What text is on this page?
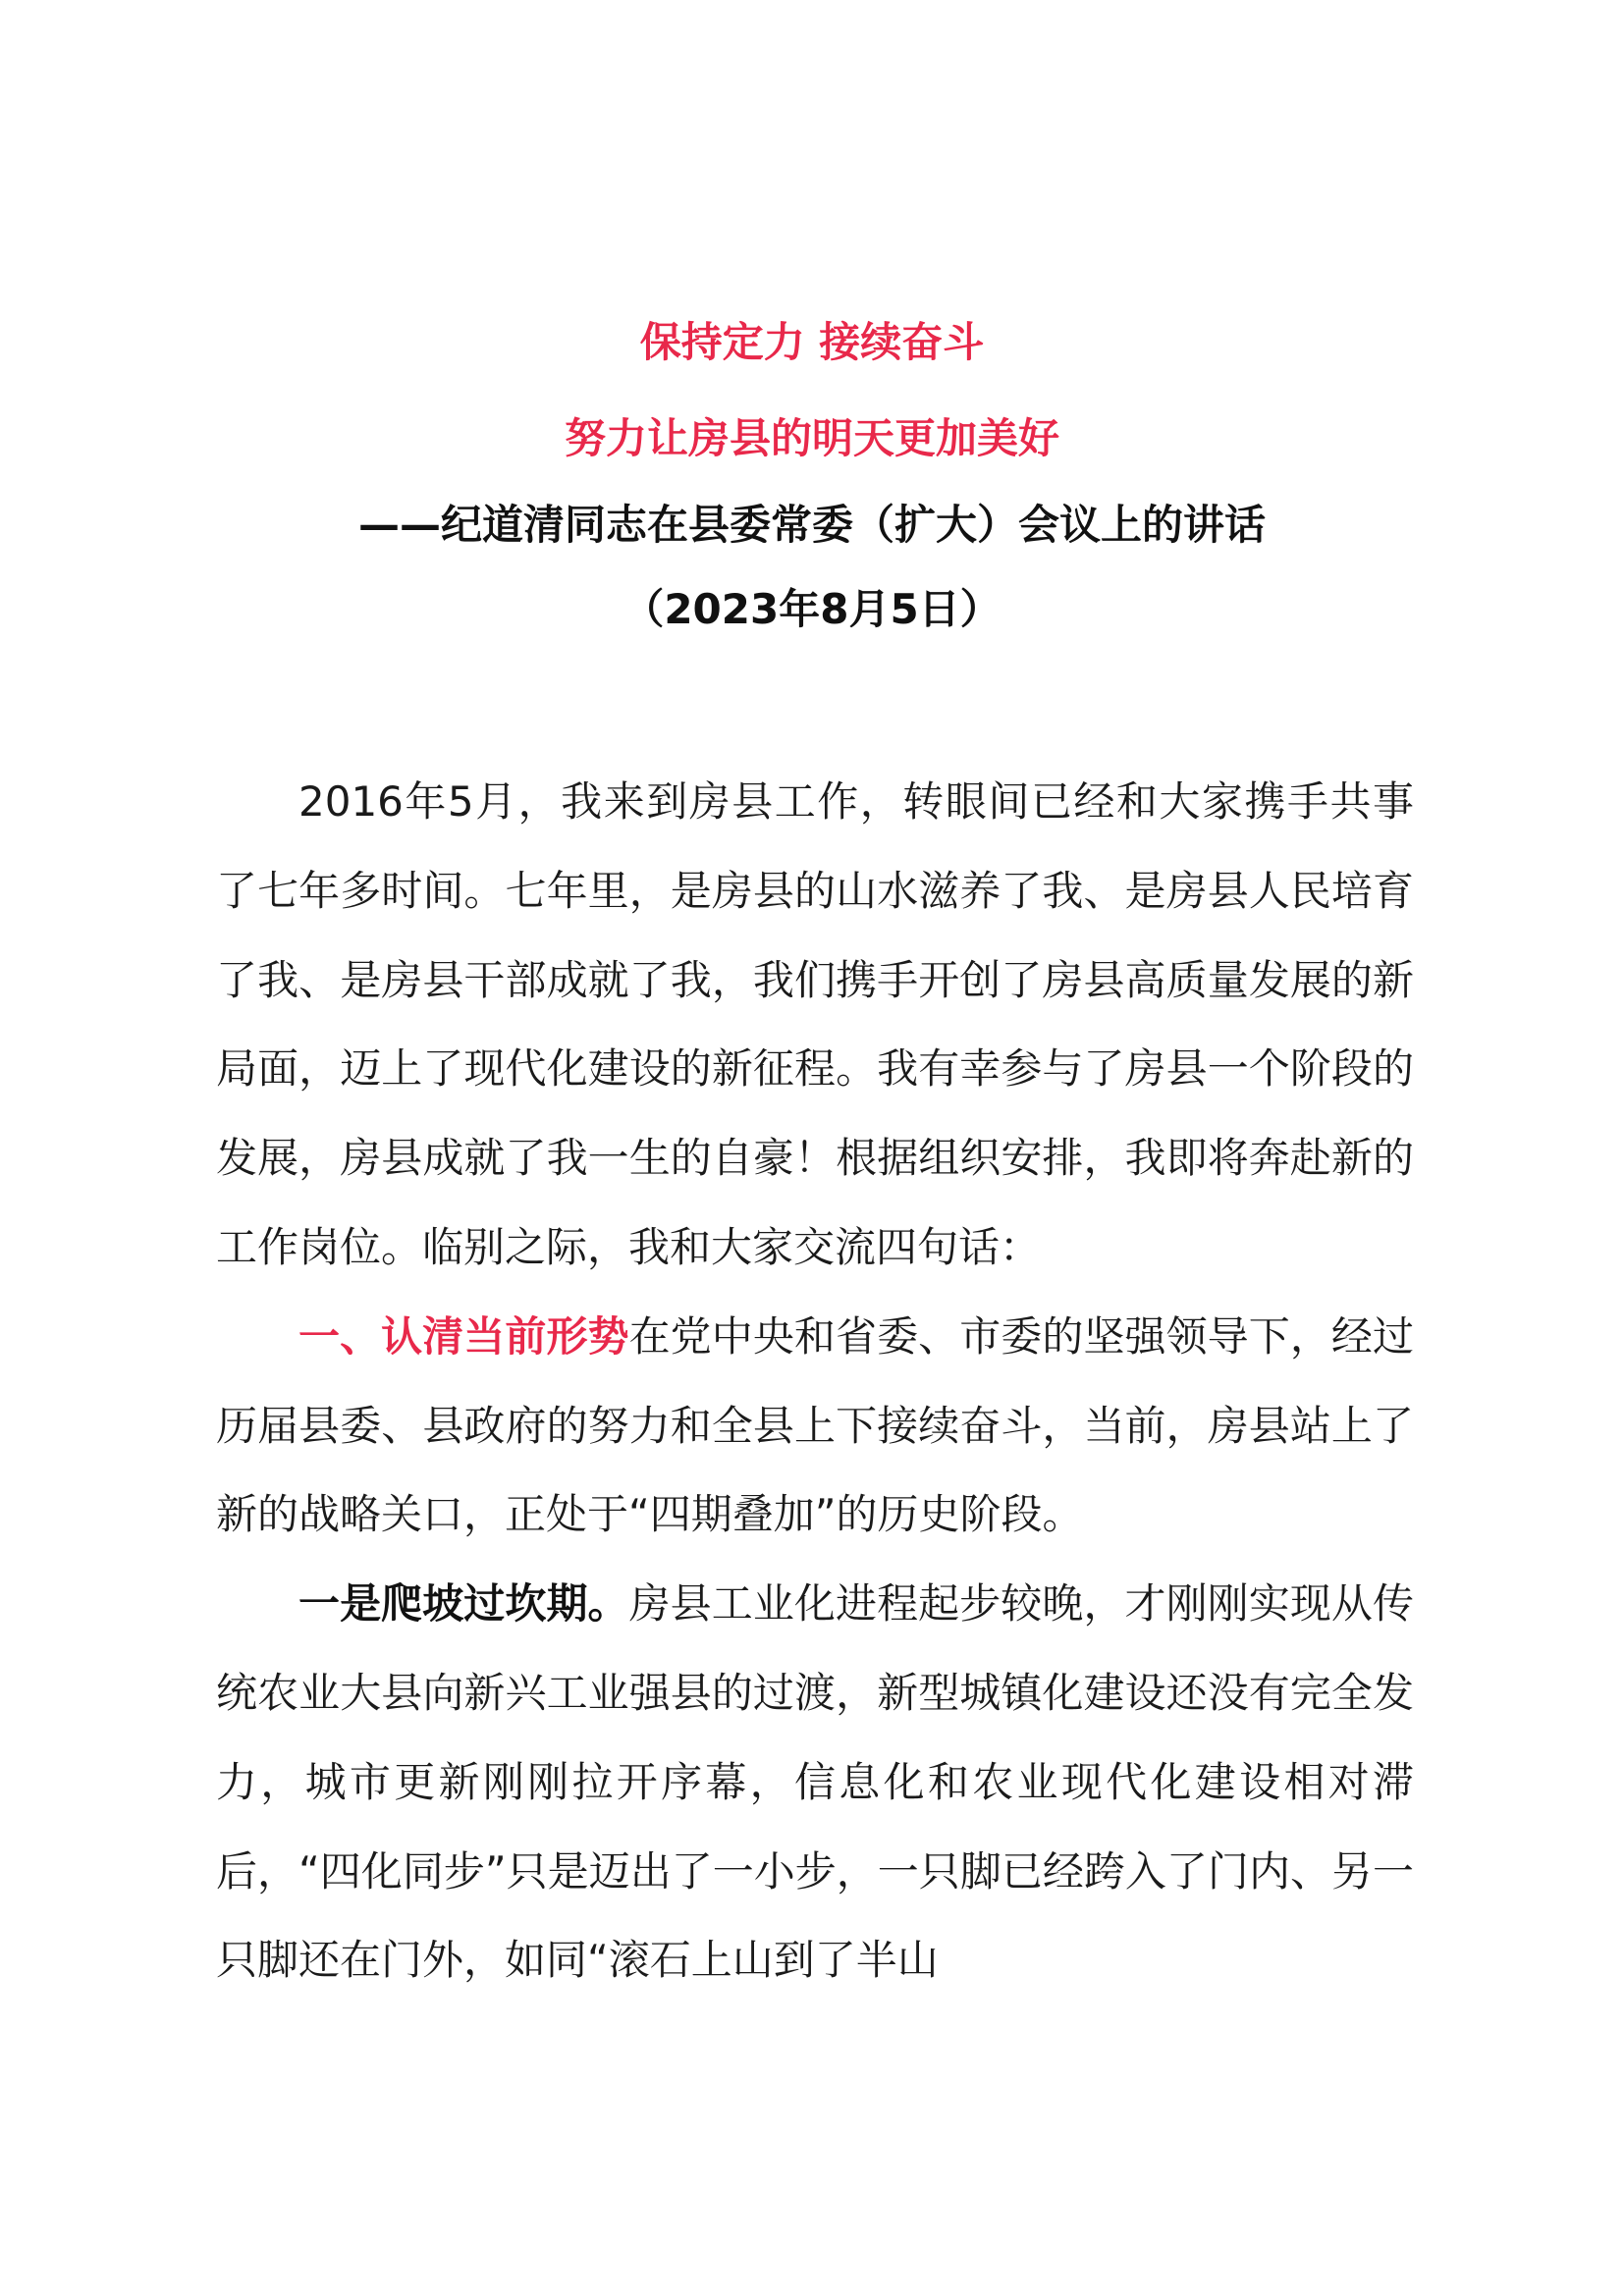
保持定力 接续奋斗
努力让房县的明天更加美好
——纪道清同志在县委常委（扩大）会议上的讲话
（2023年8月5日）

2016年5月，我来到房县工作，转眼间已经和大家携手共事了七年多时间。七年里，是房县的山水滋养了我、是房县人民培育了我、是房县干部成就了我，我们携手开创了房县高质量发展的新局面，迈上了现代化建设的新征程。我有幸参与了房县一个阶段的发展，房县成就了我一生的自豪！根据组织安排，我即将奔赴新的工作岗位。临别之际，我和大家交流四句话：

一、认清当前形势在党中央和省委、市委的坚强领导下，经过历届县委、县政府的努力和全县上下接续奋斗，当前，房县站上了新的战略关口，正处于“四期叠加”的历史阶段。

一是爬坡过坎期。房县工业化进程起步较晚，才刚刚实现从传统农业大县向新兴工业强县的过渡，新型城镇化建设还没有完全发力，城市更新刚刚拉开序幕，信息化和农业现代化建设相对滞后，“四化同步”只是迈出了一小步，一只脚已经跨入了门内、另一只脚还在门外，如同“滚石上山到了半山
